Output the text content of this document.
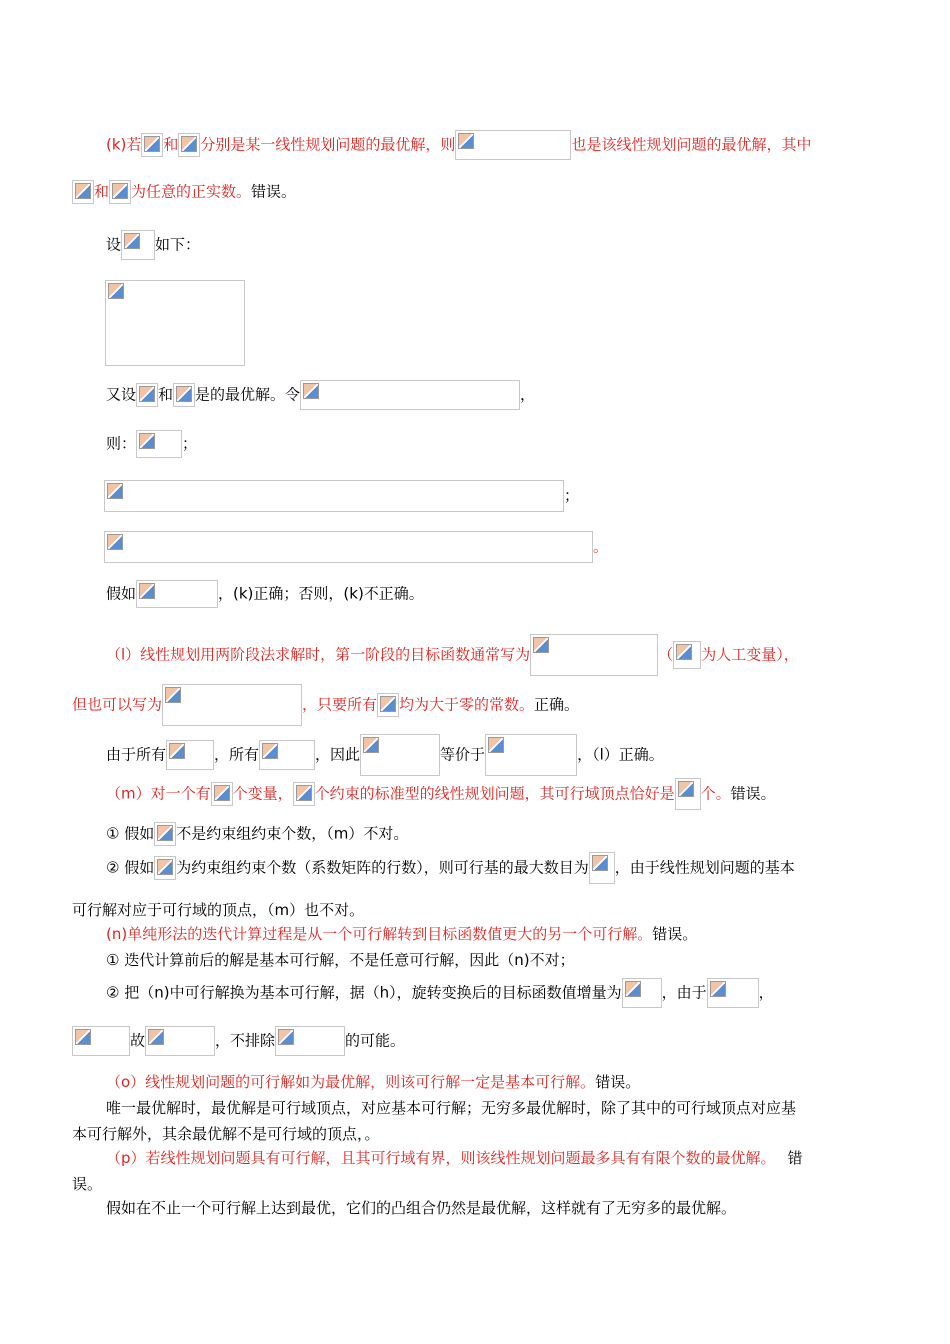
(k)若 和 分别是某一线性规划问题的最优解，则	也是该线性规划问题的最优解，其中
和 为任意的正实数。错误。
设 如下：
又设 和 是的最优解。令	，
则：	；
；
。
假如	，(k)正确；否则，(k)不正确。
（l）线性规划用两阶段法求解时，第一阶段的目标函数通常写为	（ 为人工变量），
但也可以写为	，只要所有 均为大于零的常数。正确。
由于所有	，所有	，因此	等价于	，（l）正确。
（m）对一个有 个变量， 个约束的标准型的线性规划问题，其可行域顶点恰好是 个。错误。
① 假如 不是约束组约束个数，（m）不对。
② 假如 为约束组约束个数（系数矩阵的行数），则可行基的最大数目为 ，由于线性规划问题的基本
可行解对应于可行域的顶点，（m）也不对。
(n)单纯形法的迭代计算过程是从一个可行解转到目标函数值更大的另一个可行解。错误。
① 迭代计算前后的解是基本可行解，不是任意可行解，因此（n)不对；
② 把（n)中可行解换为基本可行解，据（h），旋转变换后的目标函数值增量为	，由于	，
故	，不排除	的可能。
（o）线性规划问题的可行解如为最优解，则该可行解一定是基本可行解。错误。
唯一最优解时，最优解是可行域顶点，对应基本可行解；无穷多最优解时，除了其中的可行域顶点对应基
本可行解外，其余最优解不是可行域的顶点，。
（p）若线性规划问题具有可行解，且其可行域有界，则该线性规划问题最多具有有限个数的最优解。 错
误。
假如在不止一个可行解上达到最优，它们的凸组合仍然是最优解，这样就有了无穷多的最优解。
